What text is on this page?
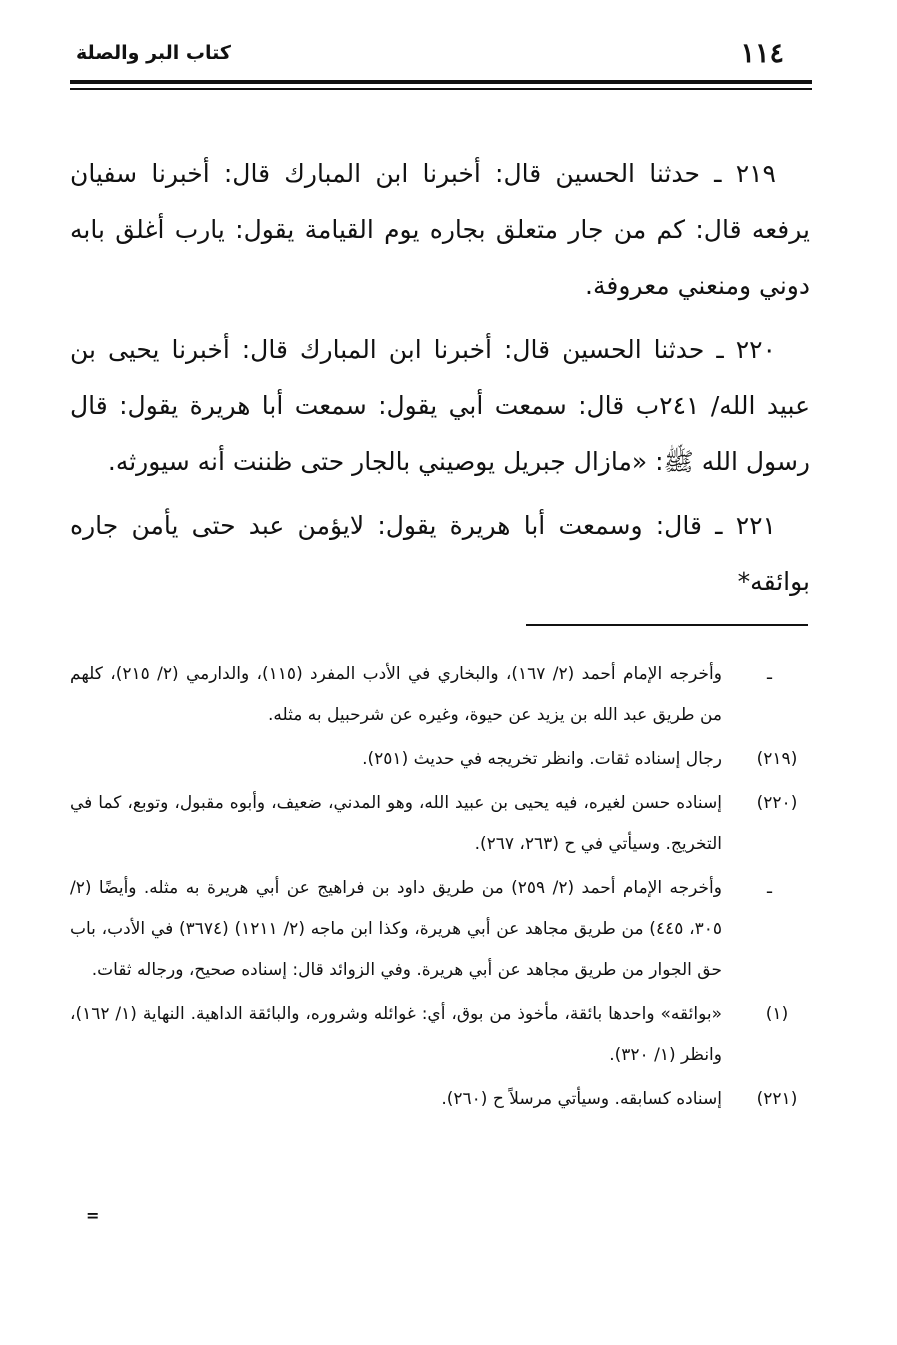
١١٤
كتاب البر والصلة

٢١٩ ـ حدثنا الحسين قال: أخبرنا ابن المبارك قال: أخبرنا سفيان يرفعه قال: كم من جار متعلق بجاره يوم القيامة يقول: يارب أغلق بابه دوني ومنعني معروفة.

٢٢٠ ـ حدثنا الحسين قال: أخبرنا ابن المبارك قال: أخبرنا يحيى بن عبيد الله/ ٢٤١ب قال: سمعت أبي يقول: سمعت أبا هريرة يقول: قال رسول الله ﷺ: «مازال جبريل يوصيني بالجار حتى ظننت أنه سيورثه.

٢٢١ ـ قال: وسمعت أبا هريرة يقول: لايؤمن عبد حتى يأمن جاره بوائقه*

ـ
وأخرجه الإمام أحمد (٢/ ١٦٧)، والبخاري في الأدب المفرد (١١٥)، والدارمي (٢/ ٢١٥)، كلهم من طريق عبد الله بن يزيد عن حيوة، وغيره عن شرحبيل به مثله.
(٢١٩)
رجال إسناده ثقات. وانظر تخريجه في حديث (٢٥١).
(٢٢٠)
إسناده حسن لغيره، فيه يحيى بن عبيد الله، وهو المدني، ضعيف، وأبوه مقبول، وتوبع، كما في التخريج. وسيأتي في ح (٢٦٣، ٢٦٧).
ـ
وأخرجه الإمام أحمد (٢/ ٢٥٩) من طريق داود بن فراهيج عن أبي هريرة به مثله. وأيضًا (٢/ ٣٠٥، ٤٤٥) من طريق مجاهد عن أبي هريرة، وكذا ابن ماجه (٢/ ١٢١١) (٣٦٧٤) في الأدب، باب حق الجوار من طريق مجاهد عن أبي هريرة. وفي الزوائد قال: إسناده صحيح، ورجاله ثقات.
(١)
«بوائقه» واحدها بائقة، مأخوذ من بوق، أي: غوائله وشروره، والبائقة الداهية. النهاية (١/ ١٦٢)، وانظر (١/ ٣٢٠).
(٢٢١)
إسناده كسابقه. وسيأتي مرسلاً ح (٢٦٠).
=
